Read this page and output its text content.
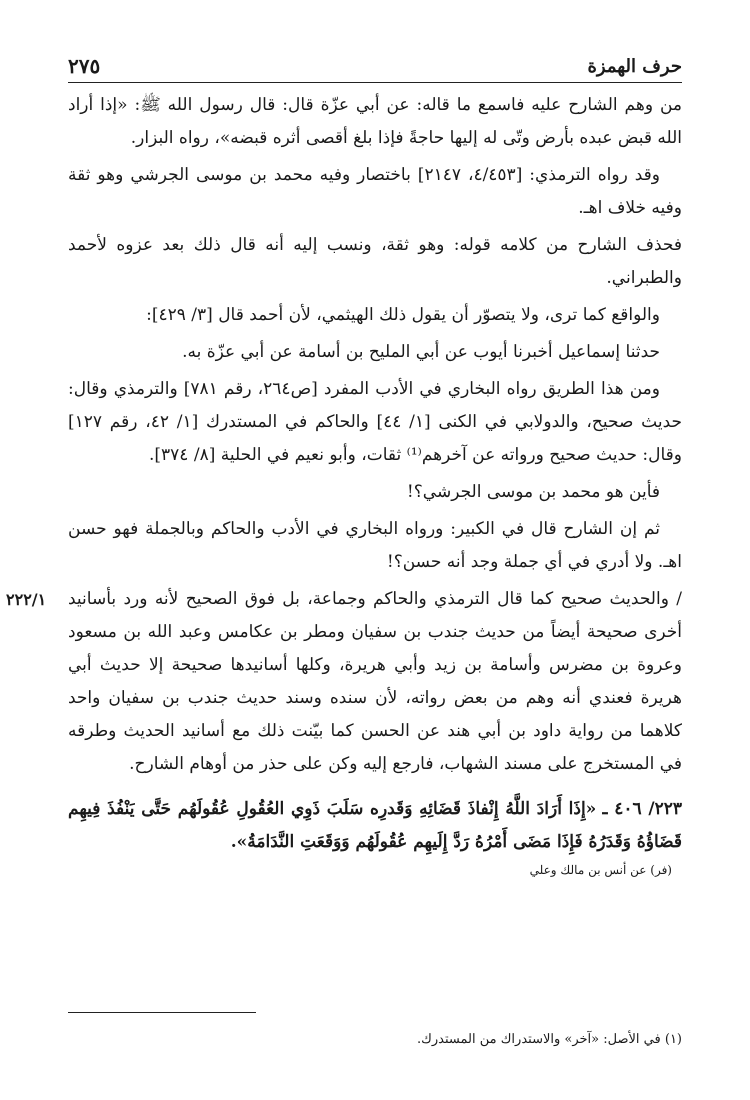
حرف الهمزة
٢٧٥

من وهم الشارح عليه فاسمع ما قاله: عن أبي عزّة قال: قال رسول الله ﷺ: «إذا أراد الله قبض عبده بأرض وتّى له إليها حاجةً فإذا بلغ أقصى أثره قبضه»، رواه البزار.

وقد رواه الترمذي: [٤/٤٥٣، ٢١٤٧] باختصار وفيه محمد بن موسى الجرشي وهو ثقة وفيه خلاف اهـ.

فحذف الشارح من كلامه قوله: وهو ثقة، ونسب إليه أنه قال ذلك بعد عزوه لأحمد والطبراني.

والواقع كما ترى، ولا يتصوّر أن يقول ذلك الهيثمي، لأن أحمد قال [٣/ ٤٢٩]:

حدثنا إسماعيل أخبرنا أيوب عن أبي المليح بن أسامة عن أبي عزّة به.

ومن هذا الطريق رواه البخاري في الأدب المفرد [ص٢٦٤، رقم ٧٨١] والترمذي وقال: حديث صحيح، والدولابي في الكنى [١/ ٤٤] والحاكم في المستدرك [١/ ٤٢، رقم ١٢٧] وقال: حديث صحيح ورواته عن آخرهم⁽¹⁾ ثقات، وأبو نعيم في الحلية [٨/ ٣٧٤].

فأين هو محمد بن موسى الجرشي؟!

ثم إن الشارح قال في الكبير: ورواه البخاري في الأدب والحاكم وبالجملة فهو حسن اهـ. ولا أدري في أي جملة وجد أنه حسن؟!

٢٢٢/١ / والحديث صحيح كما قال الترمذي والحاكم وجماعة، بل فوق الصحيح لأنه ورد بأسانيد أخرى صحيحة أيضاً من حديث جندب بن سفيان ومطر بن عكامس وعبد الله بن مسعود وعروة بن مضرس وأسامة بن زيد وأبي هريرة، وكلها أسانيدها صحيحة إلا حديث أبي هريرة فعندي أنه وهم من بعض رواته، لأن سنده وسند حديث جندب بن سفيان واحد كلاهما من رواية داود بن أبي هند عن الحسن كما بيّنت ذلك مع أسانيد الحديث وطرقه في المستخرج على مسند الشهاب، فارجع إليه وكن على حذر من أوهام الشارح.

٢٢٣/ ٤٠٦ ـ «إِذَا أَرَادَ اللَّهُ إِنْفاذَ قَضَائِهِ وَقَدرِه سَلَبَ ذَوِي العُقُولِ عُقُولَهُم حَتَّى يَنْفُذَ فِيهِم قَضَاؤُهُ وَقَدَرُهُ فَإِذَا مَضَى أَمْرُهُ رَدَّ إِلَيهِم عُقُولَهُم وَوَقَعَتِ النَّدَامَةُ».
(فر) عن أنس بن مالك وعلي
(١) في الأصل: «آخر» والاستدراك من المستدرك.
